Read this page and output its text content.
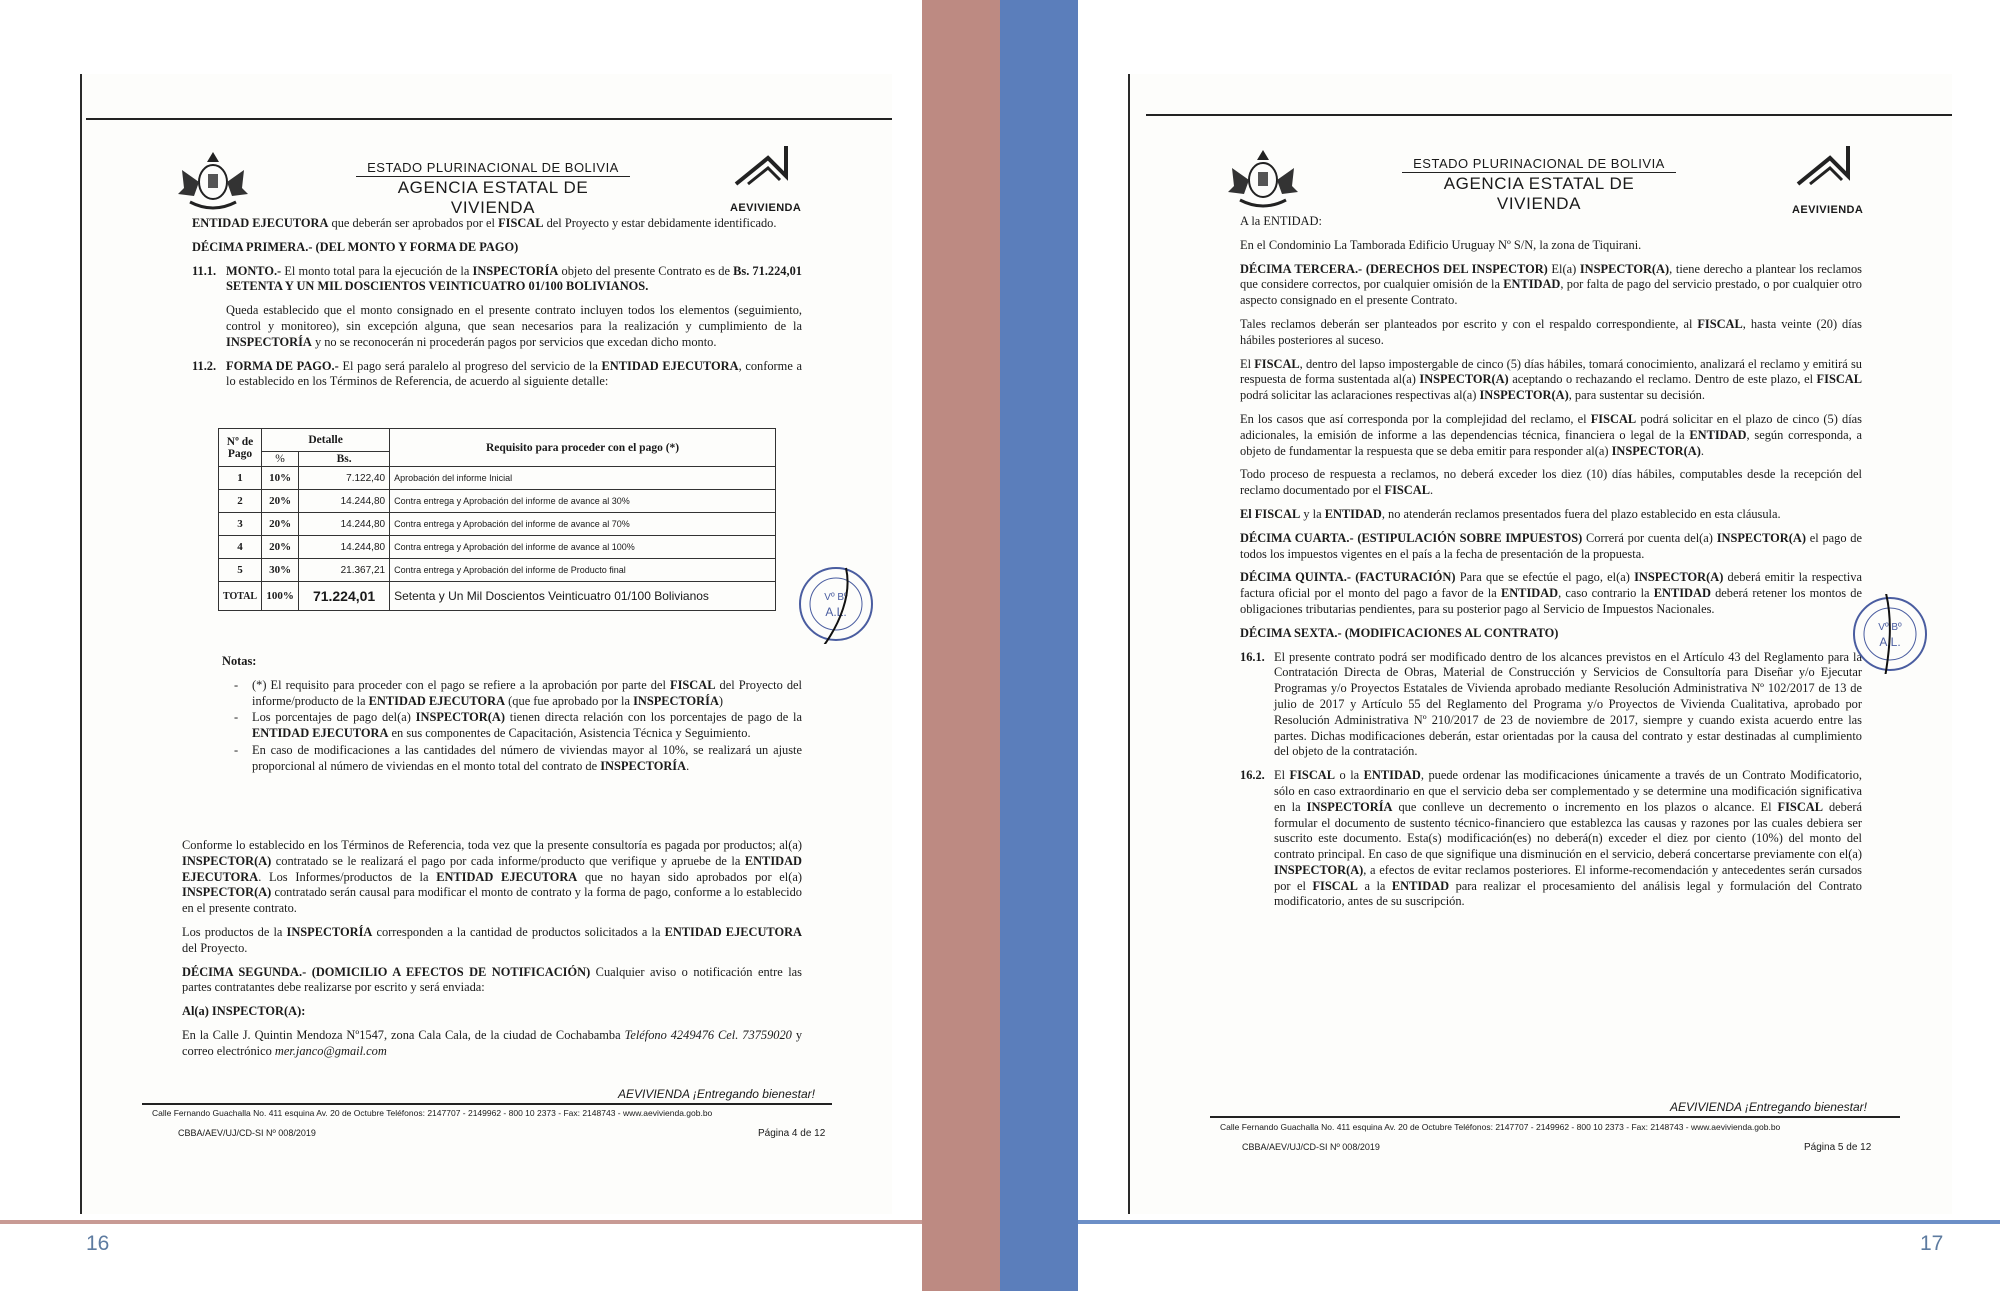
16	17
ESTADO PLURINACIONAL DE BOLIVIA
AGENCIA ESTATAL DE VIVIENDA	AEVIVIENDA

ENTIDAD EJECUTORA que deberán ser aprobados por el FISCAL del Proyecto y estar debidamente identificado.

DÉCIMA PRIMERA.- (DEL MONTO Y FORMA DE PAGO)

11.1. MONTO.- El monto total para la ejecución de la INSPECTORÍA objeto del presente Contrato es de Bs. 71.224,01 SETENTA Y UN MIL DOSCIENTOS VEINTICUATRO 01/100 BOLIVIANOS.

Queda establecido que el monto consignado en el presente contrato incluyen todos los elementos (seguimiento, control y monitoreo), sin excepción alguna, que sean necesarios para la realización y cumplimiento de la INSPECTORÍA y no se reconocerán ni procederán pagos por servicios que excedan dicho monto.

11.2. FORMA DE PAGO.- El pago será paralelo al progreso del servicio de la ENTIDAD EJECUTORA, conforme a lo establecido en los Términos de Referencia, de acuerdo al siguiente detalle:

Nº de Pago	Detalle		Requisito para proceder con el pago (*)
	%	Bs.	
1	10%	7.122,40	Aprobación del informe Inicial
2	20%	14.244,80	Contra entrega y Aprobación del informe de avance al 30%
3	20%	14.244,80	Contra entrega y Aprobación del informe de avance al 70%
4	20%	14.244,80	Contra entrega y Aprobación del informe de avance al 100%
5	30%	21.367,21	Contra entrega y Aprobación del informe de Producto final
TOTAL	100%	71.224,01	Setenta y Un Mil Doscientos Veinticuatro 01/100 Bolivianos

Notas:

- (*) El requisito para proceder con el pago se refiere a la aprobación por parte del FISCAL del Proyecto del informe/producto de la ENTIDAD EJECUTORA (que fue aprobado por la INSPECTORÍA)
- Los porcentajes de pago del(a) INSPECTOR(A) tienen directa relación con los porcentajes de pago de la ENTIDAD EJECUTORA en sus componentes de Capacitación, Asistencia Técnica y Seguimiento.
- En caso de modificaciones a las cantidades del número de viviendas mayor al 10%, se realizará un ajuste proporcional al número de viviendas en el monto total del contrato de INSPECTORÍA.

Conforme lo establecido en los Términos de Referencia, toda vez que la presente consultoría es pagada por productos; al(a) INSPECTOR(A) contratado se le realizará el pago por cada informe/producto que verifique y apruebe de la ENTIDAD EJECUTORA. Los Informes/productos de la ENTIDAD EJECUTORA que no hayan sido aprobados por el(a) INSPECTOR(A) contratado serán causal para modificar el monto de contrato y la forma de pago, conforme a lo establecido en el presente contrato.

Los productos de la INSPECTORÍA corresponden a la cantidad de productos solicitados a la ENTIDAD EJECUTORA del Proyecto.

DÉCIMA SEGUNDA.- (DOMICILIO A EFECTOS DE NOTIFICACIÓN) Cualquier aviso o notificación entre las partes contratantes debe realizarse por escrito y será enviada:

Al(a) INSPECTOR(A):

En la Calle J. Quintin Mendoza Nº1547, zona Cala Cala, de la ciudad de Cochabamba Teléfono 4249476 Cel. 73759020 y correo electrónico mer.janco@gmail.com

AEVIVIENDA ¡Entregando bienestar!
Calle Fernando Guachalla No. 411 esquina Av. 20 de Octubre Teléfonos: 2147707 - 2149962 - 800 10 2373 - Fax: 2148743 - www.aevivienda.gob.bo
CBBA/AEV/UJ/CD-SI Nº 008/2019	Página 4 de 12
Vº Bº
A.L.
ESTADO PLURINACIONAL DE BOLIVIA
AGENCIA ESTATAL DE VIVIENDA	AEVIVIENDA

A la ENTIDAD:

En el Condominio La Tamborada Edificio Uruguay Nº S/N, la zona de Tiquirani.

DÉCIMA TERCERA.- (DERECHOS DEL INSPECTOR) El(a) INSPECTOR(A), tiene derecho a plantear los reclamos que considere correctos, por cualquier omisión de la ENTIDAD, por falta de pago del servicio prestado, o por cualquier otro aspecto consignado en el presente Contrato.

Tales reclamos deberán ser planteados por escrito y con el respaldo correspondiente, al FISCAL, hasta veinte (20) días hábiles posteriores al suceso.

El FISCAL, dentro del lapso impostergable de cinco (5) días hábiles, tomará conocimiento, analizará el reclamo y emitirá su respuesta de forma sustentada al(a) INSPECTOR(A) aceptando o rechazando el reclamo. Dentro de este plazo, el FISCAL podrá solicitar las aclaraciones respectivas al(a) INSPECTOR(A), para sustentar su decisión.

En los casos que así corresponda por la complejidad del reclamo, el FISCAL podrá solicitar en el plazo de cinco (5) días adicionales, la emisión de informe a las dependencias técnica, financiera o legal de la ENTIDAD, según corresponda, a objeto de fundamentar la respuesta que se deba emitir para responder al(a) INSPECTOR(A).

Todo proceso de respuesta a reclamos, no deberá exceder los diez (10) días hábiles, computables desde la recepción del reclamo documentado por el FISCAL.

El FISCAL y la ENTIDAD, no atenderán reclamos presentados fuera del plazo establecido en esta cláusula.

DÉCIMA CUARTA.- (ESTIPULACIÓN SOBRE IMPUESTOS) Correrá por cuenta del(a) INSPECTOR(A) el pago de todos los impuestos vigentes en el país a la fecha de presentación de la propuesta.

DÉCIMA QUINTA.- (FACTURACIÓN) Para que se efectúe el pago, el(a) INSPECTOR(A) deberá emitir la respectiva factura oficial por el monto del pago a favor de la ENTIDAD, caso contrario la ENTIDAD deberá retener los montos de obligaciones tributarias pendientes, para su posterior pago al Servicio de Impuestos Nacionales.

DÉCIMA SEXTA.- (MODIFICACIONES AL CONTRATO)

16.1. El presente contrato podrá ser modificado dentro de los alcances previstos en el Artículo 43 del Reglamento para la Contratación Directa de Obras, Material de Construcción y Servicios de Consultoría para Diseñar y/o Ejecutar Programas y/o Proyectos Estatales de Vivienda aprobado mediante Resolución Administrativa Nº 102/2017 de 13 de julio de 2017 y Artículo 55 del Reglamento del Programa y/o Proyectos de Vivienda Cualitativa, aprobado por Resolución Administrativa Nº 210/2017 de 23 de noviembre de 2017, siempre y cuando exista acuerdo entre las partes. Dichas modificaciones deberán, estar orientadas por la causa del contrato y estar destinadas al cumplimiento del objeto de la contratación.

16.2. El FISCAL o la ENTIDAD, puede ordenar las modificaciones únicamente a través de un Contrato Modificatorio, sólo en caso extraordinario en que el servicio deba ser complementado y se determine una modificación significativa en la INSPECTORÍA que conlleve un decremento o incremento en los plazos o alcance. El FISCAL deberá formular el documento de sustento técnico-financiero que establezca las causas y razones por las cuales debiera ser suscrito este documento. Esta(s) modificación(es) no deberá(n) exceder el diez por ciento (10%) del monto del contrato principal. En caso de que signifique una disminución en el servicio, deberá concertarse previamente con el(a) INSPECTOR(A), a efectos de evitar reclamos posteriores. El informe-recomendación y antecedentes serán cursados por el FISCAL a la ENTIDAD para realizar el procesamiento del análisis legal y formulación del Contrato modificatorio, antes de su suscripción.

AEVIVIENDA ¡Entregando bienestar!
Calle Fernando Guachalla No. 411 esquina Av. 20 de Octubre Teléfonos: 2147707 - 2149962 - 800 10 2373 - Fax: 2148743 - www.aevivienda.gob.bo
CBBA/AEV/UJ/CD-SI Nº 008/2019	Página 5 de 12
Vº Bº
A.L.
